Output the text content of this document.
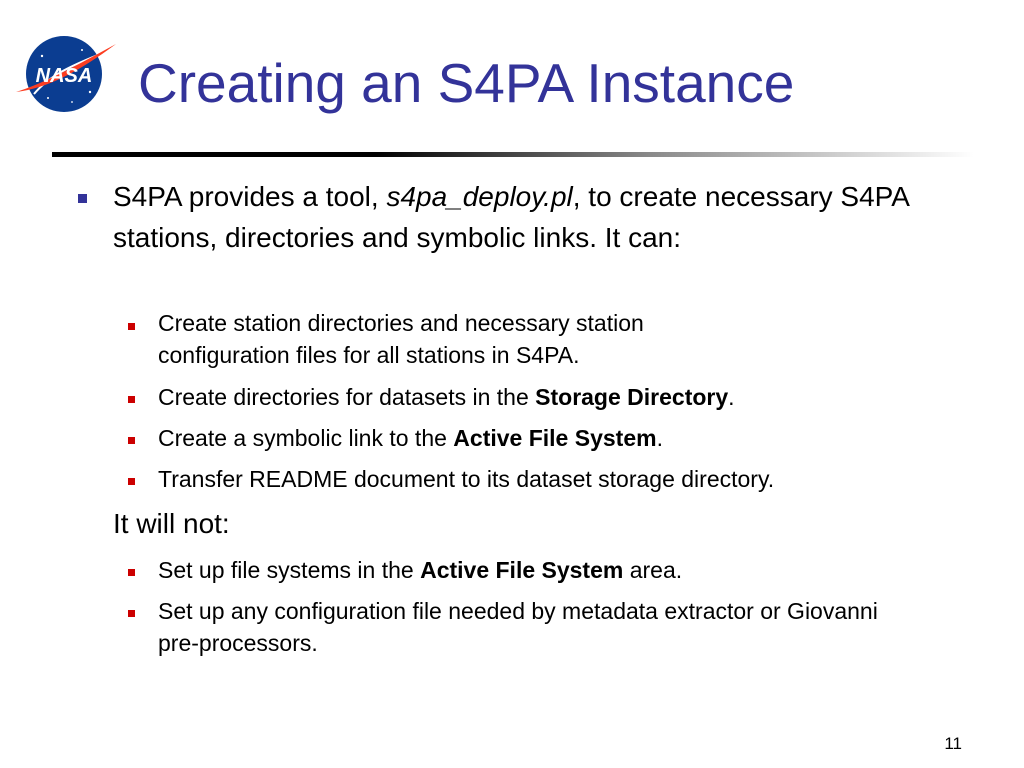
NASA Creating an S4PA Instance
S4PA provides a tool, s4pa_deploy.pl, to create necessary S4PA stations, directories and symbolic links. It can:
Create station directories and necessary station configuration files for all stations in S4PA.
Create directories for datasets in the Storage Directory.
Create a symbolic link to the Active File System.
Transfer README document to its dataset storage directory.
It will not:
Set up file systems in the Active File System area.
Set up any configuration file needed by metadata extractor or Giovanni pre-processors.
11
